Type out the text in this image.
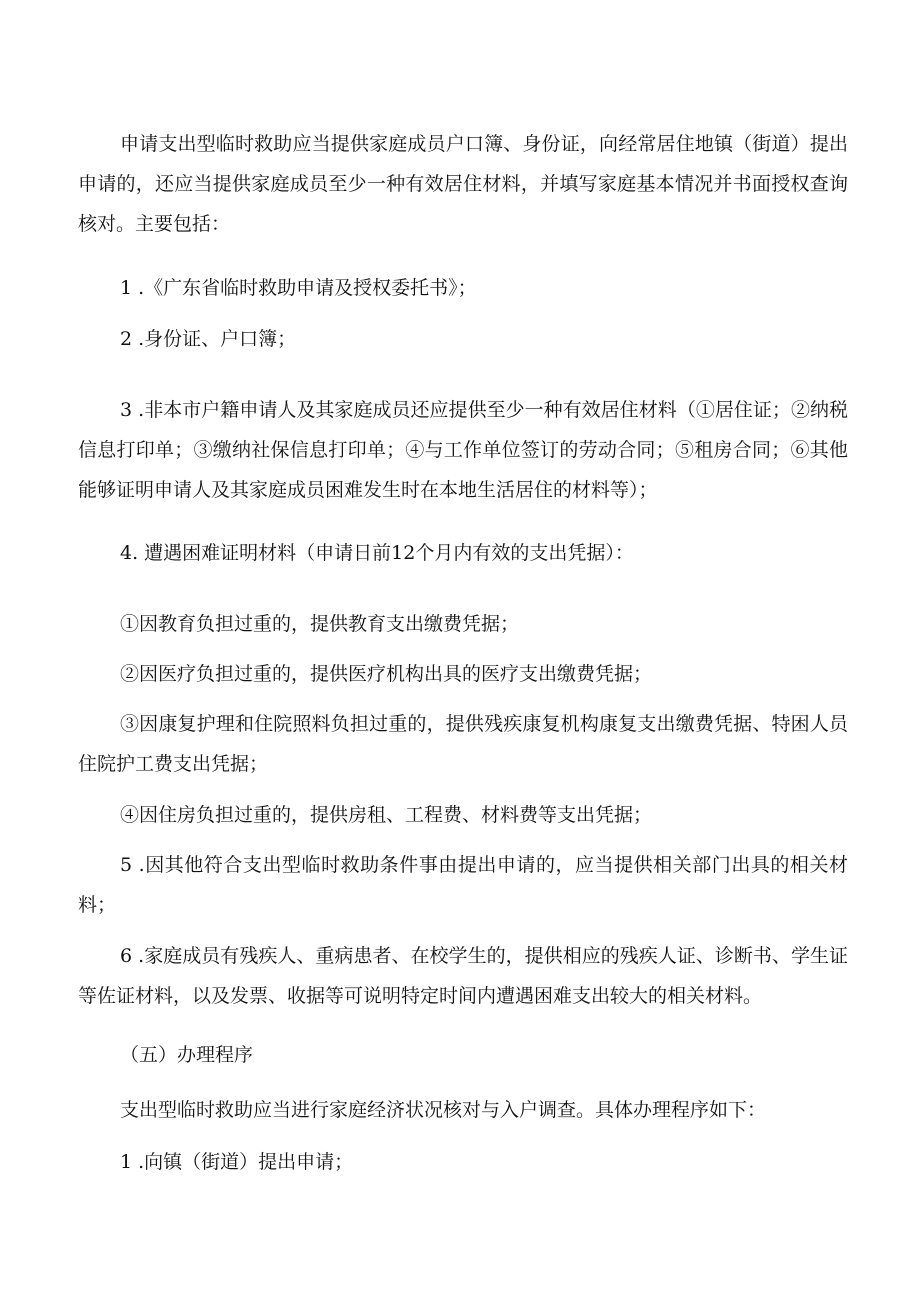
申请支出型临时救助应当提供家庭成员户口簿、身份证，向经常居住地镇（街道）提出申请的，还应当提供家庭成员至少一种有效居住材料，并填写家庭基本情况并书面授权查询核对。主要包括：

1 .《广东省临时救助申请及授权委托书》；

2 .身份证、户口簿；

3 .非本市户籍申请人及其家庭成员还应提供至少一种有效居住材料（①居住证；②纳税信息打印单；③缴纳社保信息打印单；④与工作单位签订的劳动合同；⑤租房合同；⑥其他能够证明申请人及其家庭成员困难发生时在本地生活居住的材料等）；

4. 遭遇困难证明材料（申请日前12个月内有效的支出凭据）：

①因教育负担过重的，提供教育支出缴费凭据；

②因医疗负担过重的，提供医疗机构出具的医疗支出缴费凭据；

③因康复护理和住院照料负担过重的，提供残疾康复机构康复支出缴费凭据、特困人员住院护工费支出凭据；

④因住房负担过重的，提供房租、工程费、材料费等支出凭据；

5 .因其他符合支出型临时救助条件事由提出申请的，应当提供相关部门出具的相关材料；

6 .家庭成员有残疾人、重病患者、在校学生的，提供相应的残疾人证、诊断书、学生证等佐证材料，以及发票、收据等可说明特定时间内遭遇困难支出较大的相关材料。

（五）办理程序

支出型临时救助应当进行家庭经济状况核对与入户调查。具体办理程序如下：

1 .向镇（街道）提出申请；
